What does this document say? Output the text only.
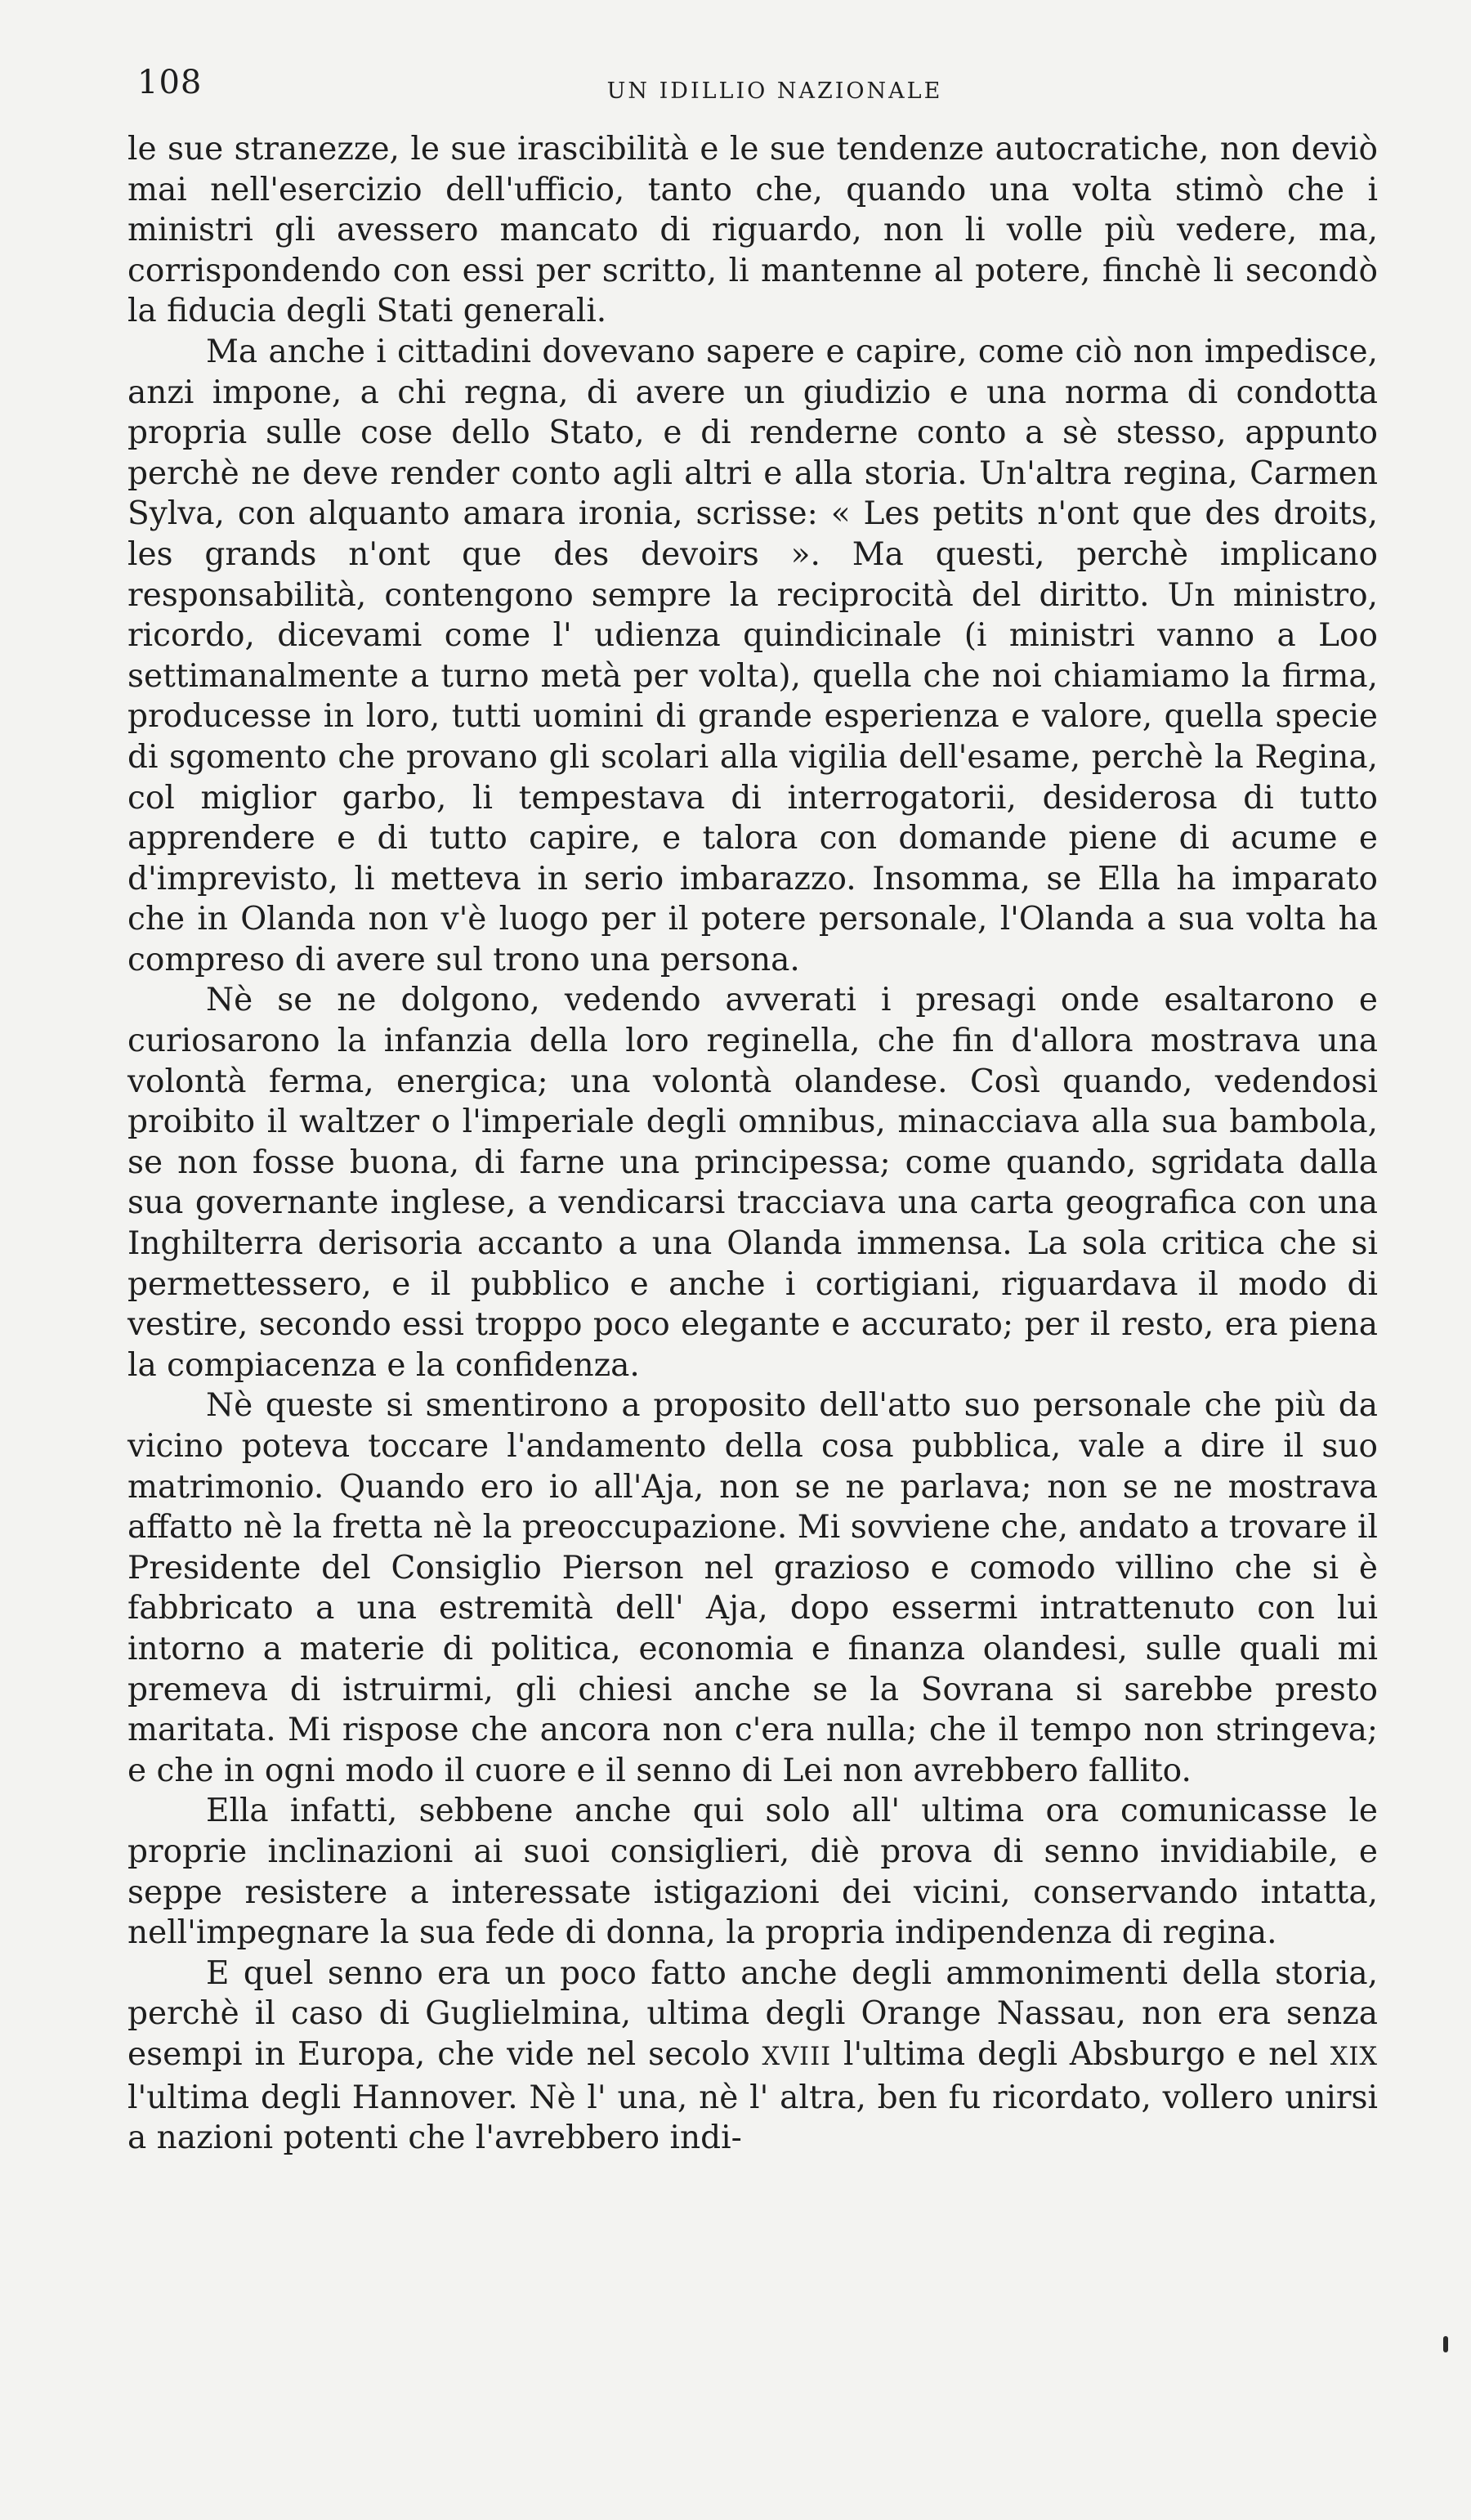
108	UN IDILLIO NAZIONALE

le sue stranezze, le sue irascibilità e le sue tendenze autocratiche, non deviò mai nell'esercizio dell'ufficio, tanto che, quando una volta stimò che i ministri gli avessero mancato di riguardo, non li volle più vedere, ma, corrispondendo con essi per scritto, li mantenne al potere, finchè li secondò la fiducia degli Stati generali.

Ma anche i cittadini dovevano sapere e capire, come ciò non impedisce, anzi impone, a chi regna, di avere un giudizio e una norma di condotta propria sulle cose dello Stato, e di renderne conto a sè stesso, appunto perchè ne deve render conto agli altri e alla storia. Un'altra regina, Carmen Sylva, con alquanto amara ironia, scrisse: « Les petits n'ont que des droits, les grands n'ont que des devoirs ». Ma questi, perchè implicano responsabilità, contengono sempre la reciprocità del diritto. Un ministro, ricordo, dicevami come l' udienza quindicinale (i ministri vanno a Loo settimanalmente a turno metà per volta), quella che noi chiamiamo la firma, producesse in loro, tutti uomini di grande esperienza e valore, quella specie di sgomento che provano gli scolari alla vigilia dell'esame, perchè la Regina, col miglior garbo, li tempestava di interrogatorii, desiderosa di tutto apprendere e di tutto capire, e talora con domande piene di acume e d'imprevisto, li metteva in serio imbarazzo. Insomma, se Ella ha imparato che in Olanda non v'è luogo per il potere personale, l'Olanda a sua volta ha compreso di avere sul trono una persona.

Nè se ne dolgono, vedendo avverati i presagi onde esaltarono e curiosarono la infanzia della loro reginella, che fin d'allora mostrava una volontà ferma, energica; una volontà olandese. Così quando, vedendosi proibito il waltzer o l'imperiale degli omnibus, minacciava alla sua bambola, se non fosse buona, di farne una principessa; come quando, sgridata dalla sua governante inglese, a vendicarsi tracciava una carta geografica con una Inghilterra derisoria accanto a una Olanda immensa. La sola critica che si permettessero, e il pubblico e anche i cortigiani, riguardava il modo di vestire, secondo essi troppo poco elegante e accurato; per il resto, era piena la compiacenza e la confidenza.

Nè queste si smentirono a proposito dell'atto suo personale che più da vicino poteva toccare l'andamento della cosa pubblica, vale a dire il suo matrimonio. Quando ero io all'Aja, non se ne parlava; non se ne mostrava affatto nè la fretta nè la preoccupazione. Mi sovviene che, andato a trovare il Presidente del Consiglio Pierson nel grazioso e comodo villino che si è fabbricato a una estremità dell' Aja, dopo essermi intrattenuto con lui intorno a materie di politica, economia e finanza olandesi, sulle quali mi premeva di istruirmi, gli chiesi anche se la Sovrana si sarebbe presto maritata. Mi rispose che ancora non c'era nulla; che il tempo non stringeva; e che in ogni modo il cuore e il senno di Lei non avrebbero fallito.

Ella infatti, sebbene anche qui solo all' ultima ora comunicasse le proprie inclinazioni ai suoi consiglieri, diè prova di senno invidiabile, e seppe resistere a interessate istigazioni dei vicini, conservando intatta, nell'impegnare la sua fede di donna, la propria indipendenza di regina.

E quel senno era un poco fatto anche degli ammonimenti della storia, perchè il caso di Guglielmina, ultima degli Orange Nassau, non era senza esempi in Europa, che vide nel secolo XVIII l'ultima degli Absburgo e nel XIX l'ultima degli Hannover. Nè l' una, nè l' altra, ben fu ricordato, vollero unirsi a nazioni potenti che l'avrebbero indi-
